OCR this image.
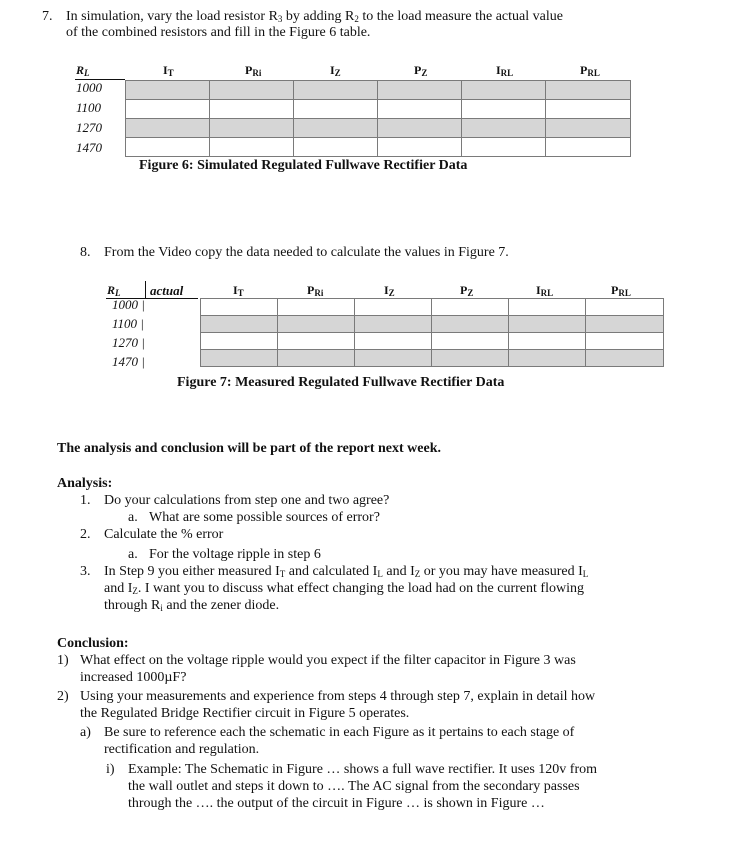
7. In simulation, vary the load resistor $R_3$ by adding $R_2$ to the load measure the actual value
of the combined resistors and fill in the Figure 6 table.
$R_L$	$I_T$	$P_{Ri}$	$I_Z$	$P_Z$	$I_{RL}$	$P_{RL}$
1000
1100
1270
1470

Figure 6: Simulated Regulated Fullwave Rectifier Data
8. From the Video copy the data needed to calculate the values in Figure 7.
$R_L$ actual	$I_T$	$P_{Ri}$	$I_Z$	$P_Z$	$I_{RL}$	$P_{RL}$
1000 |
1100 |
1270 |
1470 |

Figure 7: Measured Regulated Fullwave Rectifier Data
The analysis and conclusion will be part of the report next week.
Analysis:
1. Do your calculations from step one and two agree?
a. What are some possible sources of error?
2. Calculate the % error
a. For the voltage ripple in step 6
3. In Step 9 you either measured $I_T$ and calculated $I_L$ and $I_Z$ or you may have measured $I_L$
and $I_Z$. I want you to discuss what effect changing the load had on the current flowing
through $R_i$ and the zener diode.
Conclusion:
1) What effect on the voltage ripple would you expect if the filter capacitor in Figure 3 was
increased 1000µF?
2) Using your measurements and experience from steps 4 through step 7, explain in detail how
the Regulated Bridge Rectifier circuit in Figure 5 operates.
a) Be sure to reference each the schematic in each Figure as it pertains to each stage of
rectification and regulation.
i) Example: The Schematic in Figure … shows a full wave rectifier. It uses 120v from
the wall outlet and steps it down to …. The AC signal from the secondary passes
through the …. the output of the circuit in Figure … is shown in Figure …
